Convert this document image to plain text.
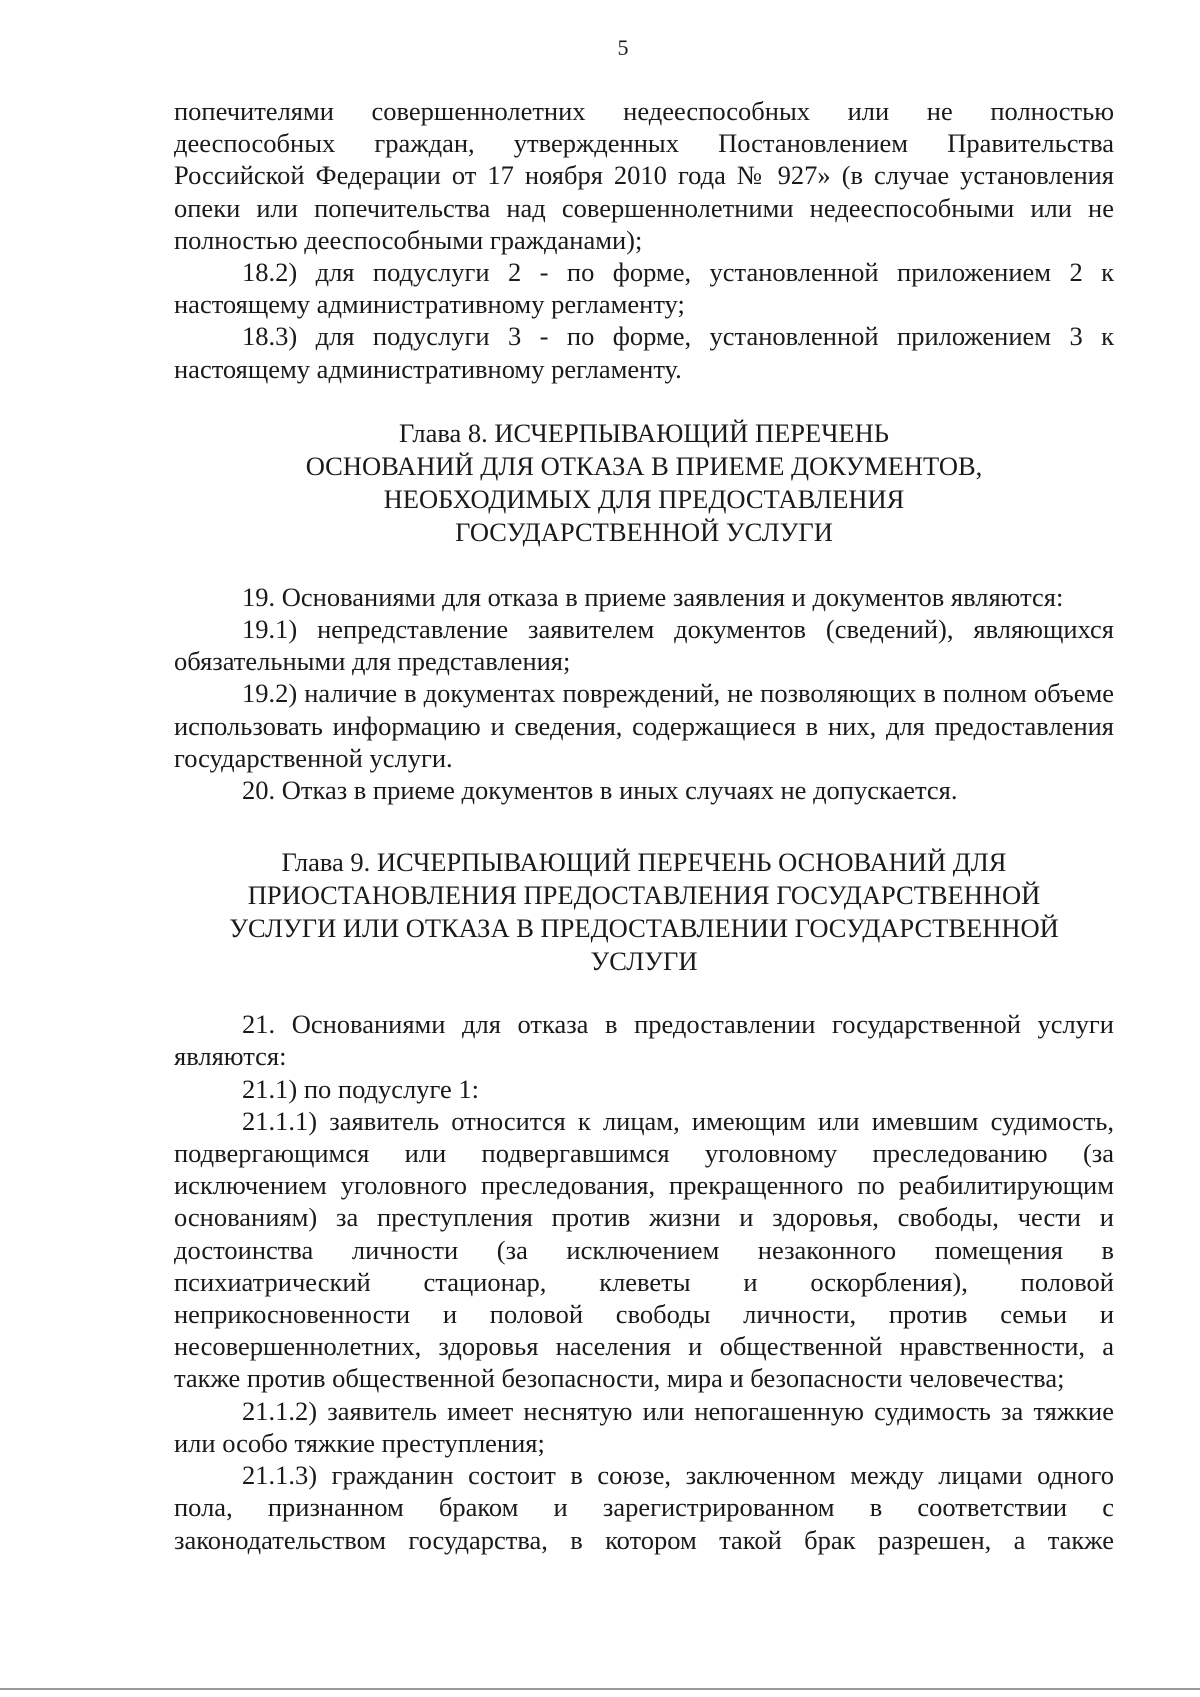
5

попечителями совершеннолетних недееспособных или не полностью дееспособных граждан, утвержденных Постановлением Правительства Российской Федерации от 17 ноября 2010 года № 927» (в случае установления опеки или попечительства над совершеннолетними недееспособными или не полностью дееспособными гражданами);

18.2) для подуслуги 2 - по форме, установленной приложением 2 к настоящему административному регламенту;

18.3) для подуслуги 3 - по форме, установленной приложением 3 к настоящему административному регламенту.

Глава 8. ИСЧЕРПЫВАЮЩИЙ ПЕРЕЧЕНЬ
ОСНОВАНИЙ ДЛЯ ОТКАЗА В ПРИЕМЕ ДОКУМЕНТОВ,
НЕОБХОДИМЫХ ДЛЯ ПРЕДОСТАВЛЕНИЯ
ГОСУДАРСТВЕННОЙ УСЛУГИ

19. Основаниями для отказа в приеме заявления и документов являются:

19.1) непредставление заявителем документов (сведений), являющихся обязательными для представления;

19.2) наличие в документах повреждений, не позволяющих в полном объеме использовать информацию и сведения, содержащиеся в них, для предоставления государственной услуги.

20. Отказ в приеме документов в иных случаях не допускается.

Глава 9. ИСЧЕРПЫВАЮЩИЙ ПЕРЕЧЕНЬ ОСНОВАНИЙ ДЛЯ
ПРИОСТАНОВЛЕНИЯ ПРЕДОСТАВЛЕНИЯ ГОСУДАРСТВЕННОЙ
УСЛУГИ ИЛИ ОТКАЗА В ПРЕДОСТАВЛЕНИИ ГОСУДАРСТВЕННОЙ
УСЛУГИ

21. Основаниями для отказа в предоставлении государственной услуги являются:

21.1) по подуслуге 1:

21.1.1) заявитель относится к лицам, имеющим или имевшим судимость, подвергающимся или подвергавшимся уголовному преследованию (за исключением уголовного преследования, прекращенного по реабилитирующим основаниям) за преступления против жизни и здоровья, свободы, чести и достоинства личности (за исключением незаконного помещения в психиатрический стационар, клеветы и оскорбления), половой неприкосновенности и половой свободы личности, против семьи и несовершеннолетних, здоровья населения и общественной нравственности, а также против общественной безопасности, мира и безопасности человечества;

21.1.2) заявитель имеет неснятую или непогашенную судимость за тяжкие или особо тяжкие преступления;

21.1.3) гражданин состоит в союзе, заключенном между лицами одного пола, признанном браком и зарегистрированном в соответствии с законодательством государства, в котором такой брак разрешен, а также
